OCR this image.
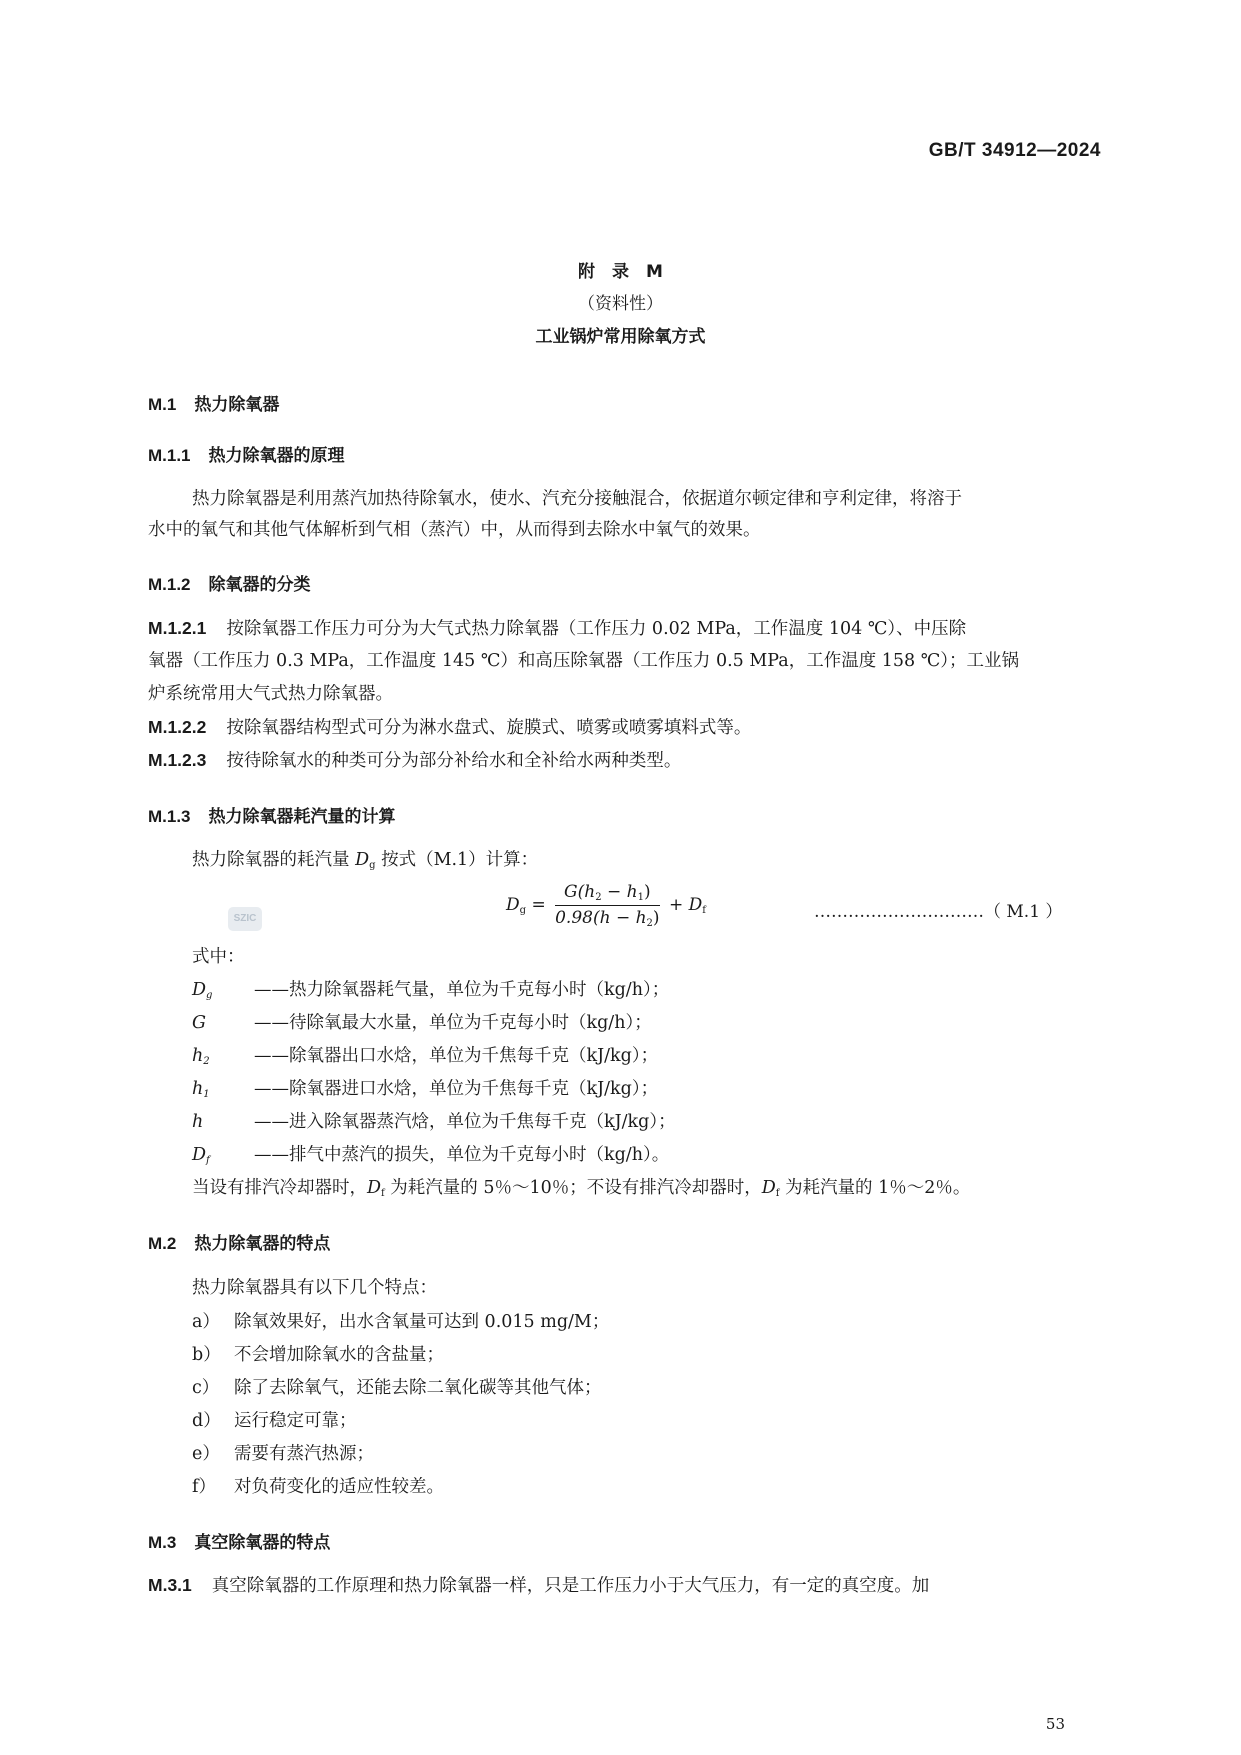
GB/T 34912—2024
附　录　M
（资料性）
工业锅炉常用除氧方式
M.1 热力除氧器
M.1.1 热力除氧器的原理
热力除氧器是利用蒸汽加热待除氧水，使水、汽充分接触混合，依据道尔顿定律和亨利定律，将溶于
水中的氧气和其他气体解析到气相（蒸汽）中，从而得到去除水中氧气的效果。
M.1.2 除氧器的分类
M.1.2.1 按除氧器工作压力可分为大气式热力除氧器（工作压力 0.02 MPa，工作温度 104 ℃）、中压除
氧器（工作压力 0.3 MPa，工作温度 145 ℃）和高压除氧器（工作压力 0.5 MPa，工作温度 158 ℃）；工业锅
炉系统常用大气式热力除氧器。
M.1.2.2 按除氧器结构型式可分为淋水盘式、旋膜式、喷雾或喷雾填料式等。
M.1.2.3 按待除氧水的种类可分为部分补给水和全补给水两种类型。
M.1.3 热力除氧器耗汽量的计算
热力除氧器的耗汽量 $D_g$ 按式（M.1）计算：
SZIC
$D_g = \frac{G(h_2 - h_1)}{0.98(h - h_2)} + D_f$	…………………………（ M.1 ）
式中：
$D_g$ ——热力除氧器耗气量，单位为千克每小时（kg/h）；
G	——待除氧最大水量，单位为千克每小时（kg/h）；
$h_2$	——除氧器出口水焓，单位为千焦每千克（kJ/kg）；
$h_1$	——除氧器进口水焓，单位为千焦每千克（kJ/kg）；
h	——进入除氧器蒸汽焓，单位为千焦每千克（kJ/kg）；
$D_f$	——排气中蒸汽的损失，单位为千克每小时（kg/h）。
当设有排汽冷却器时，$D_f$ 为耗汽量的 5％～10％；不设有排汽冷却器时，$D_f$ 为耗汽量的 1％～2％。
M.2 热力除氧器的特点
热力除氧器具有以下几个特点：
a） 除氧效果好，出水含氧量可达到 0.015 mg/M；
b） 不会增加除氧水的含盐量；
c） 除了去除氧气，还能去除二氧化碳等其他气体；
d） 运行稳定可靠；
e） 需要有蒸汽热源；
f） 对负荷变化的适应性较差。
M.3 真空除氧器的特点
M.3.1 真空除氧器的工作原理和热力除氧器一样，只是工作压力小于大气压力，有一定的真空度。加
53
